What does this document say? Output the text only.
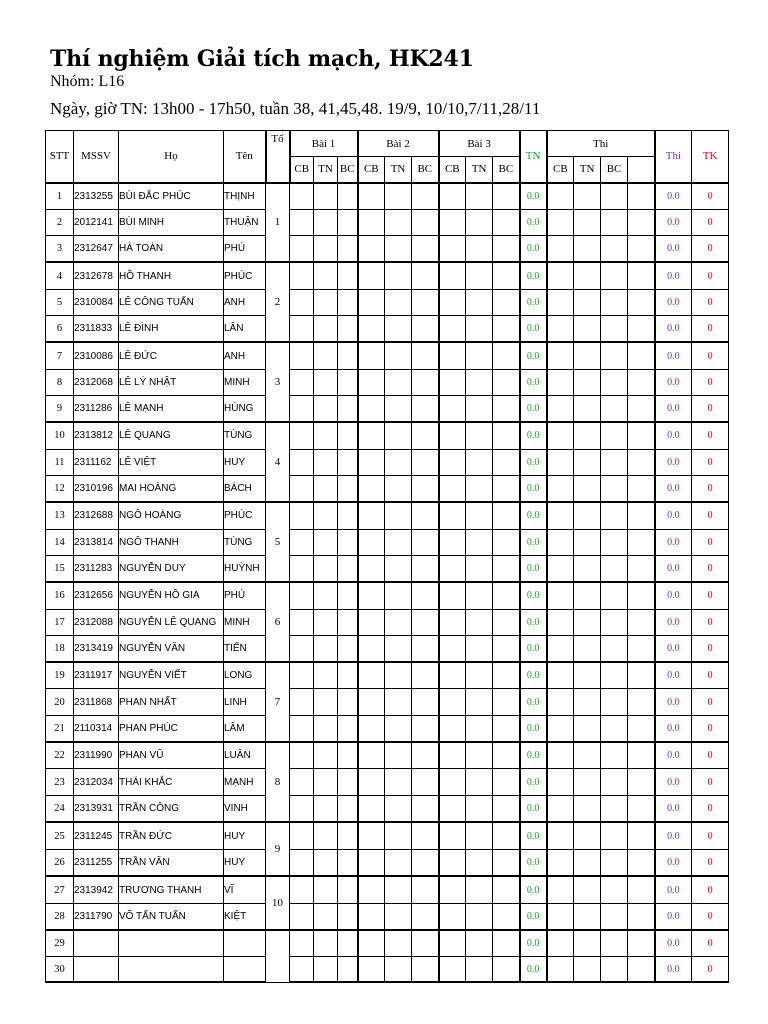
Thí nghiệm Giải tích mạch, HK241
Nhóm: L16
Ngày, giờ TN: 13h00 - 17h50, tuần 38, 41,45,48. 19/9, 10/10,7/11,28/11
STT	MSSV	Họ	Tên	Tổ	Bài 1			Bài 2			Bài 3			TN	Thi				Thi	TK
					CB	TN	BC	CB	TN	BC	CB	TN	BC		CB	TN	BC			
1	2313255	BÙI ĐẮC PHÚC	THỊNH	1										0.0					0.0	0
2	2012141	BÙI MINH	THUẬN											0.0					0.0	0
3	2312647	HÀ TOÀN	PHÚ											0.0					0.0	0
4	2312678	HỒ THANH	PHÚC	2										0.0					0.0	0
5	2310084	LÊ CÔNG TUẤN	ANH											0.0					0.0	0
6	2311833	LÊ ĐÌNH	LÂN											0.0					0.0	0
7	2310086	LÊ ĐỨC	ANH	3										0.0					0.0	0
8	2312068	LÊ LÝ NHẬT	MINH											0.0					0.0	0
9	2311286	LÊ MẠNH	HÙNG											0.0					0.0	0
10	2313812	LÊ QUANG	TÙNG	4										0.0					0.0	0
11	2311162	LÊ VIỆT	HUY											0.0					0.0	0
12	2310196	MAI HOÀNG	BÁCH											0.0					0.0	0
13	2312688	NGÔ HOÀNG	PHÚC	5										0.0					0.0	0
14	2313814	NGÔ THANH	TÙNG											0.0					0.0	0
15	2311283	NGUYỄN DUY	HUỲNH											0.0					0.0	0
16	2312656	NGUYỄN HỒ GIA	PHÚ	6										0.0					0.0	0
17	2312088	NGUYỄN LÊ QUANG	MINH											0.0					0.0	0
18	2313419	NGUYỄN VĂN	TIẾN											0.0					0.0	0
19	2311917	NGUYỄN VIẾT	LONG	7										0.0					0.0	0
20	2311868	PHAN NHẤT	LINH											0.0					0.0	0
21	2110314	PHAN PHÚC	LÂM											0.0					0.0	0
22	2311990	PHAN VŨ	LUÂN	8										0.0					0.0	0
23	2312034	THÁI KHẮC	MẠNH											0.0					0.0	0
24	2313931	TRẦN CÔNG	VINH											0.0					0.0	0
25	2311245	TRẦN ĐỨC	HUY	9										0.0					0.0	0
26	2311255	TRẦN VĂN	HUY											0.0					0.0	0
27	2313942	TRƯƠNG THANH	VĨ	10										0.0					0.0	0
28	2311790	VÕ TẤN TUẤN	KIỆT											0.0					0.0	0
29														0.0					0.0	0
30														0.0					0.0	0
